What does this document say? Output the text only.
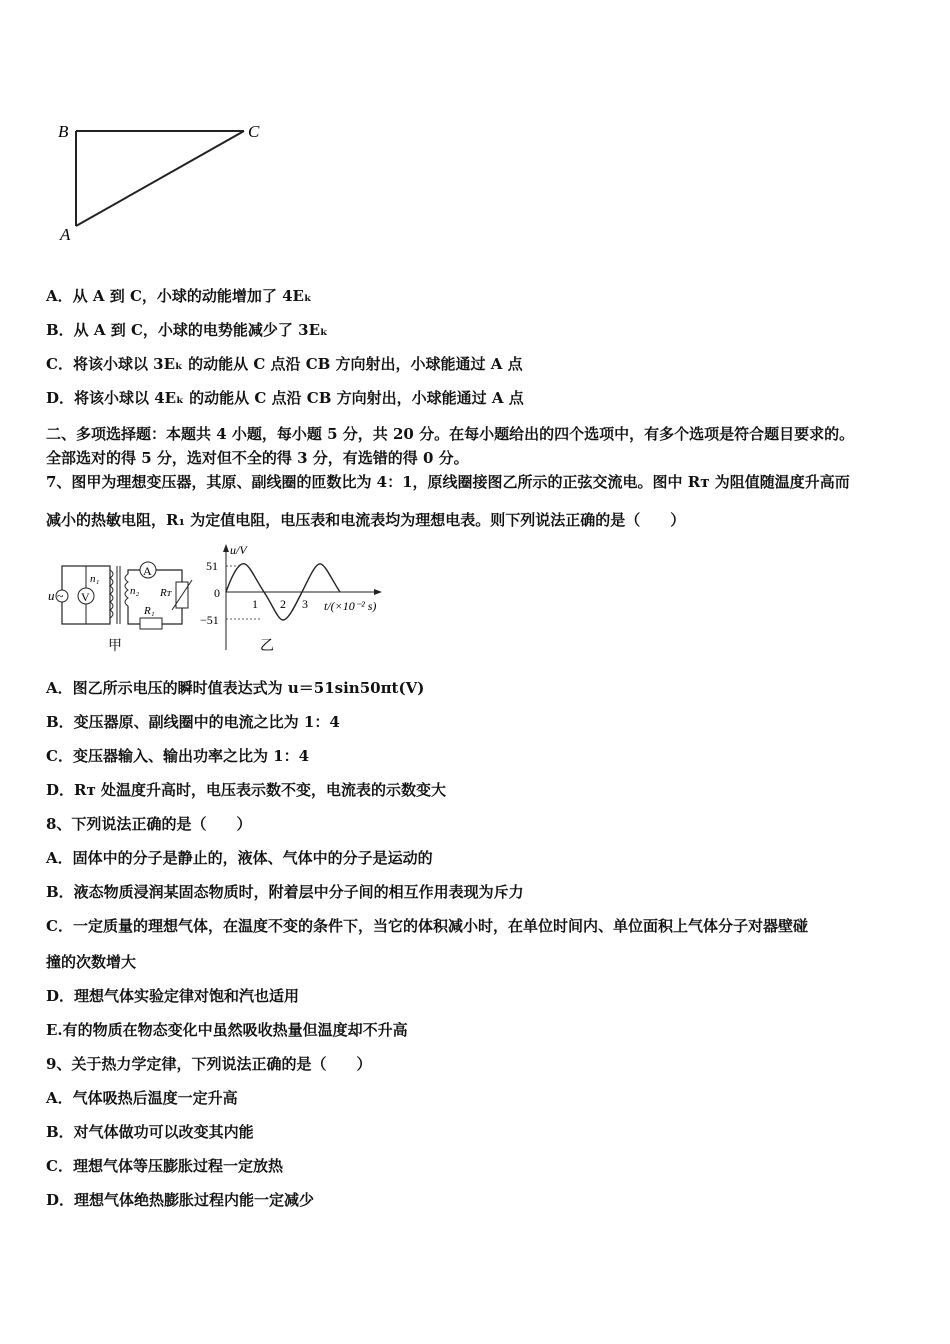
B	C
A
A．从 A 到 C，小球的动能增加了 4Eₖ
B．从 A 到 C，小球的电势能减少了 3Eₖ
C．将该小球以 3Eₖ 的动能从 C 点沿 CB 方向射出，小球能通过 A 点
D．将该小球以 4Eₖ 的动能从 C 点沿 CB 方向射出，小球能通过 A 点
二、多项选择题：本题共 4 小题，每小题 5 分，共 20 分。在每小题给出的四个选项中，有多个选项是符合题目要求的。
全部选对的得 5 分，选对但不全的得 3 分，有选错的得 0 分。
7、图甲为理想变压器，其原、副线圈的匝数比为 4：1，原线圈接图乙所示的正弦交流电。图中 Rᴛ 为阻值随温度升高而
减小的热敏电阻，R₁ 为定值电阻，电压表和电流表均为理想电表。则下列说法正确的是（　　）
u ~ V
n₁
n₂
A
Rᴛ
R₁
甲
u/V
51
0
−51
1 2 3 t/(×10⁻² s)
乙
A．图乙所示电压的瞬时值表达式为 u＝51sin50πt(V)
B．变压器原、副线圈中的电流之比为 1：4
C．变压器输入、输出功率之比为 1：4
D．Rᴛ 处温度升高时，电压表示数不变，电流表的示数变大
8、下列说法正确的是（　　）
A．固体中的分子是静止的，液体、气体中的分子是运动的
B．液态物质浸润某固态物质时，附着层中分子间的相互作用表现为斥力
C．一定质量的理想气体，在温度不变的条件下，当它的体积减小时，在单位时间内、单位面积上气体分子对器壁碰
撞的次数增大
D．理想气体实验定律对饱和汽也适用
E.有的物质在物态变化中虽然吸收热量但温度却不升高
9、关于热力学定律，下列说法正确的是（　　）
A．气体吸热后温度一定升高
B．对气体做功可以改变其内能
C．理想气体等压膨胀过程一定放热
D．理想气体绝热膨胀过程内能一定减少
